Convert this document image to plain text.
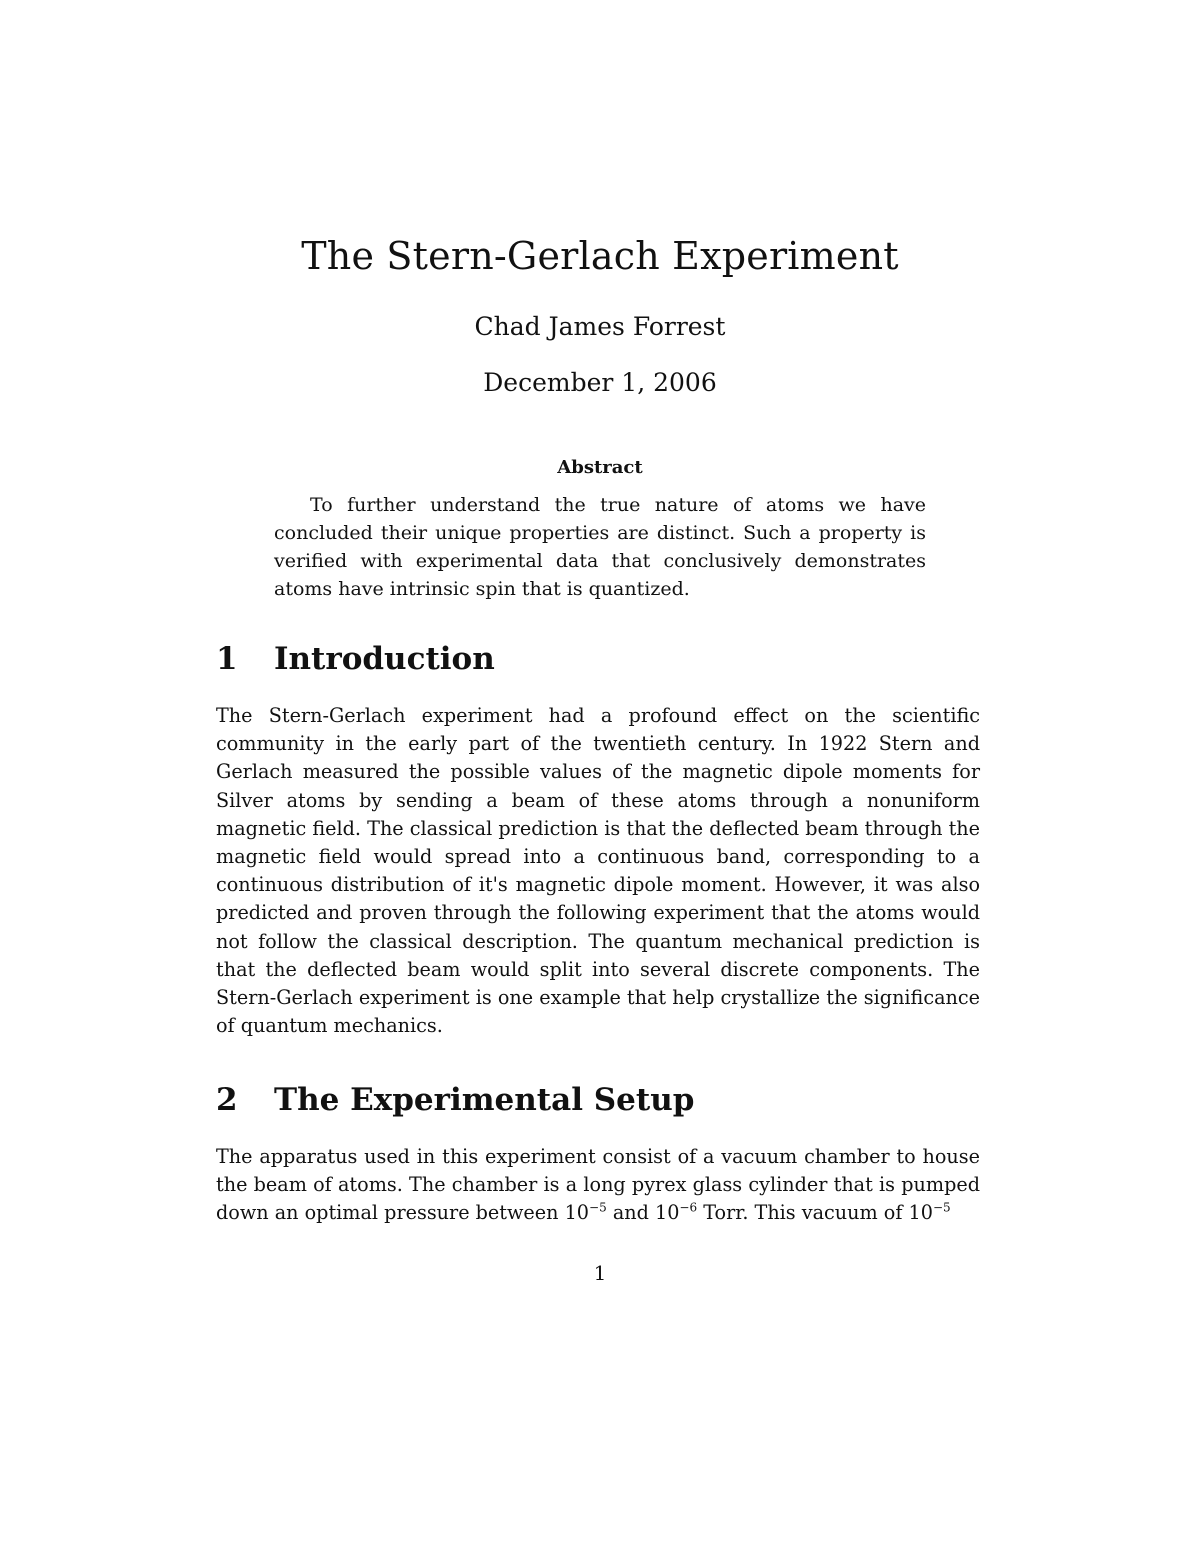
The Stern-Gerlach Experiment
Chad James Forrest
December 1, 2006
Abstract

To further understand the true nature of atoms we have concluded their unique properties are distinct. Such a property is verified with experimental data that conclusively demonstrates atoms have intrinsic spin that is quantized.

1 Introduction

The Stern-Gerlach experiment had a profound effect on the scientific community in the early part of the twentieth century. In 1922 Stern and Gerlach measured the possible values of the magnetic dipole moments for Silver atoms by sending a beam of these atoms through a nonuniform magnetic field. The classical prediction is that the deflected beam through the magnetic field would spread into a continuous band, corresponding to a continuous distribution of it's magnetic dipole moment. However, it was also predicted and proven through the following experiment that the atoms would not follow the classical description. The quantum mechanical prediction is that the deflected beam would split into several discrete components. The Stern-Gerlach experiment is one example that help crystallize the significance of quantum mechanics.

2 The Experimental Setup

The apparatus used in this experiment consist of a vacuum chamber to house the beam of atoms. The chamber is a long pyrex glass cylinder that is pumped down an optimal pressure between $10^{-5}$ and $10^{-6}$ Torr. This vacuum of $10^{-5}$

1
